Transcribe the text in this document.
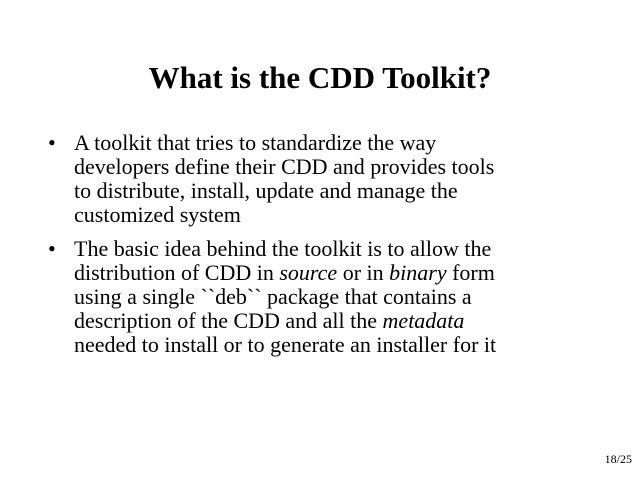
What is the CDD Toolkit?
• A toolkit that tries to standardize the way
developers define their CDD and provides tools
to distribute, install, update and manage the
customized system
• The basic idea behind the toolkit is to allow the
distribution of CDD in source or in binary form
using a single ``deb`` package that contains a
description of the CDD and all the metadata
needed to install or to generate an installer for it
18/25
